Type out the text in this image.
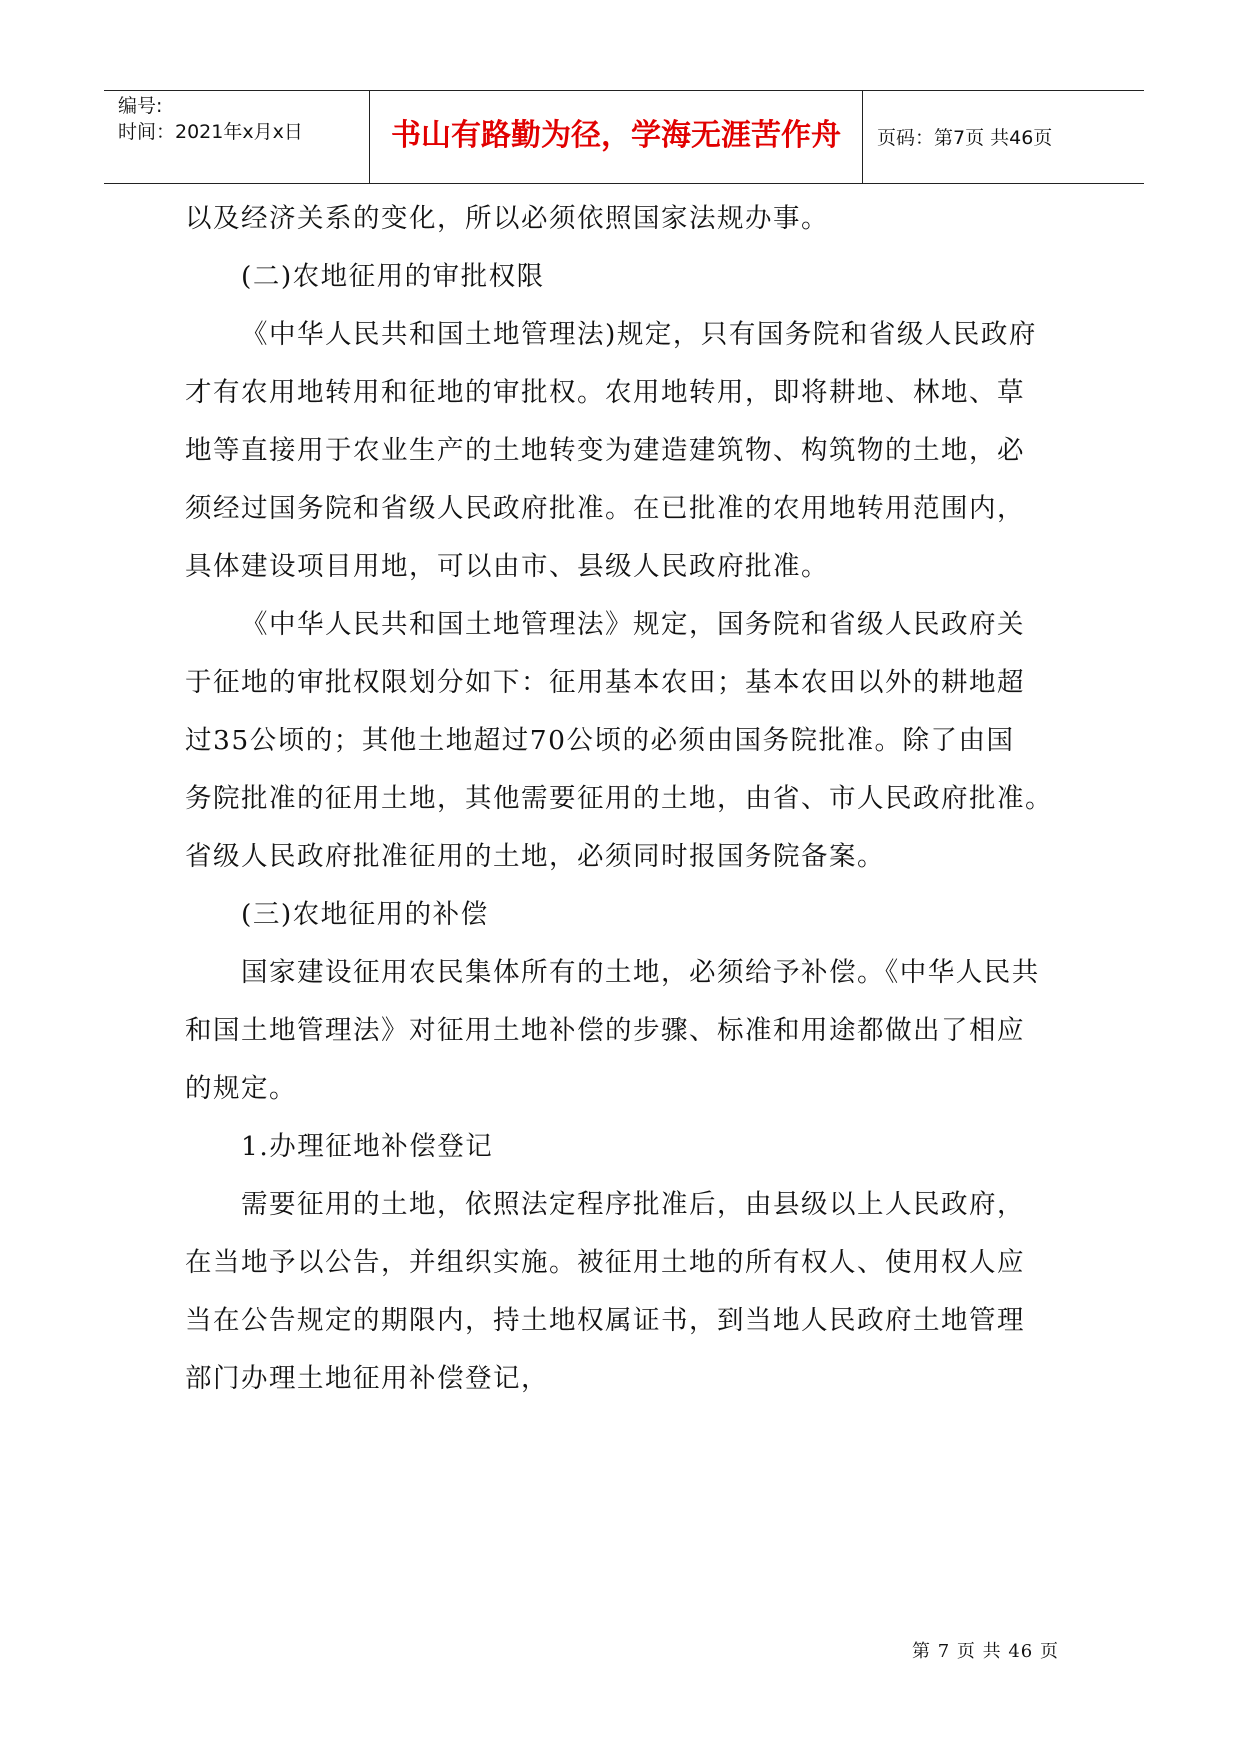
编号:
时间：2021年x月x日	书山有路勤为径，学海无涯苦作舟	页码：第7页 共46页
以及经济关系的变化，所以必须依照国家法规办事。
(二)农地征用的审批权限
《中华人民共和国土地管理法)规定，只有国务院和省级人民政府
才有农用地转用和征地的审批权。农用地转用，即将耕地、林地、草
地等直接用于农业生产的土地转变为建造建筑物、构筑物的土地，必
须经过国务院和省级人民政府批准。在已批准的农用地转用范围内，
具体建设项目用地，可以由市、县级人民政府批准。
《中华人民共和国土地管理法》规定，国务院和省级人民政府关
于征地的审批权限划分如下：征用基本农田；基本农田以外的耕地超
过35公顷的；其他土地超过70公顷的必须由国务院批准。除了由国
务院批准的征用土地，其他需要征用的土地，由省、市人民政府批准。
省级人民政府批准征用的土地，必须同时报国务院备案。
(三)农地征用的补偿
国家建设征用农民集体所有的土地，必须给予补偿。《中华人民共
和国土地管理法》对征用土地补偿的步骤、标准和用途都做出了相应
的规定。
1.办理征地补偿登记
需要征用的土地，依照法定程序批准后，由县级以上人民政府，
在当地予以公告，并组织实施。被征用土地的所有权人、使用权人应
当在公告规定的期限内，持土地权属证书，到当地人民政府土地管理
部门办理土地征用补偿登记，
第 7 页 共 46 页
